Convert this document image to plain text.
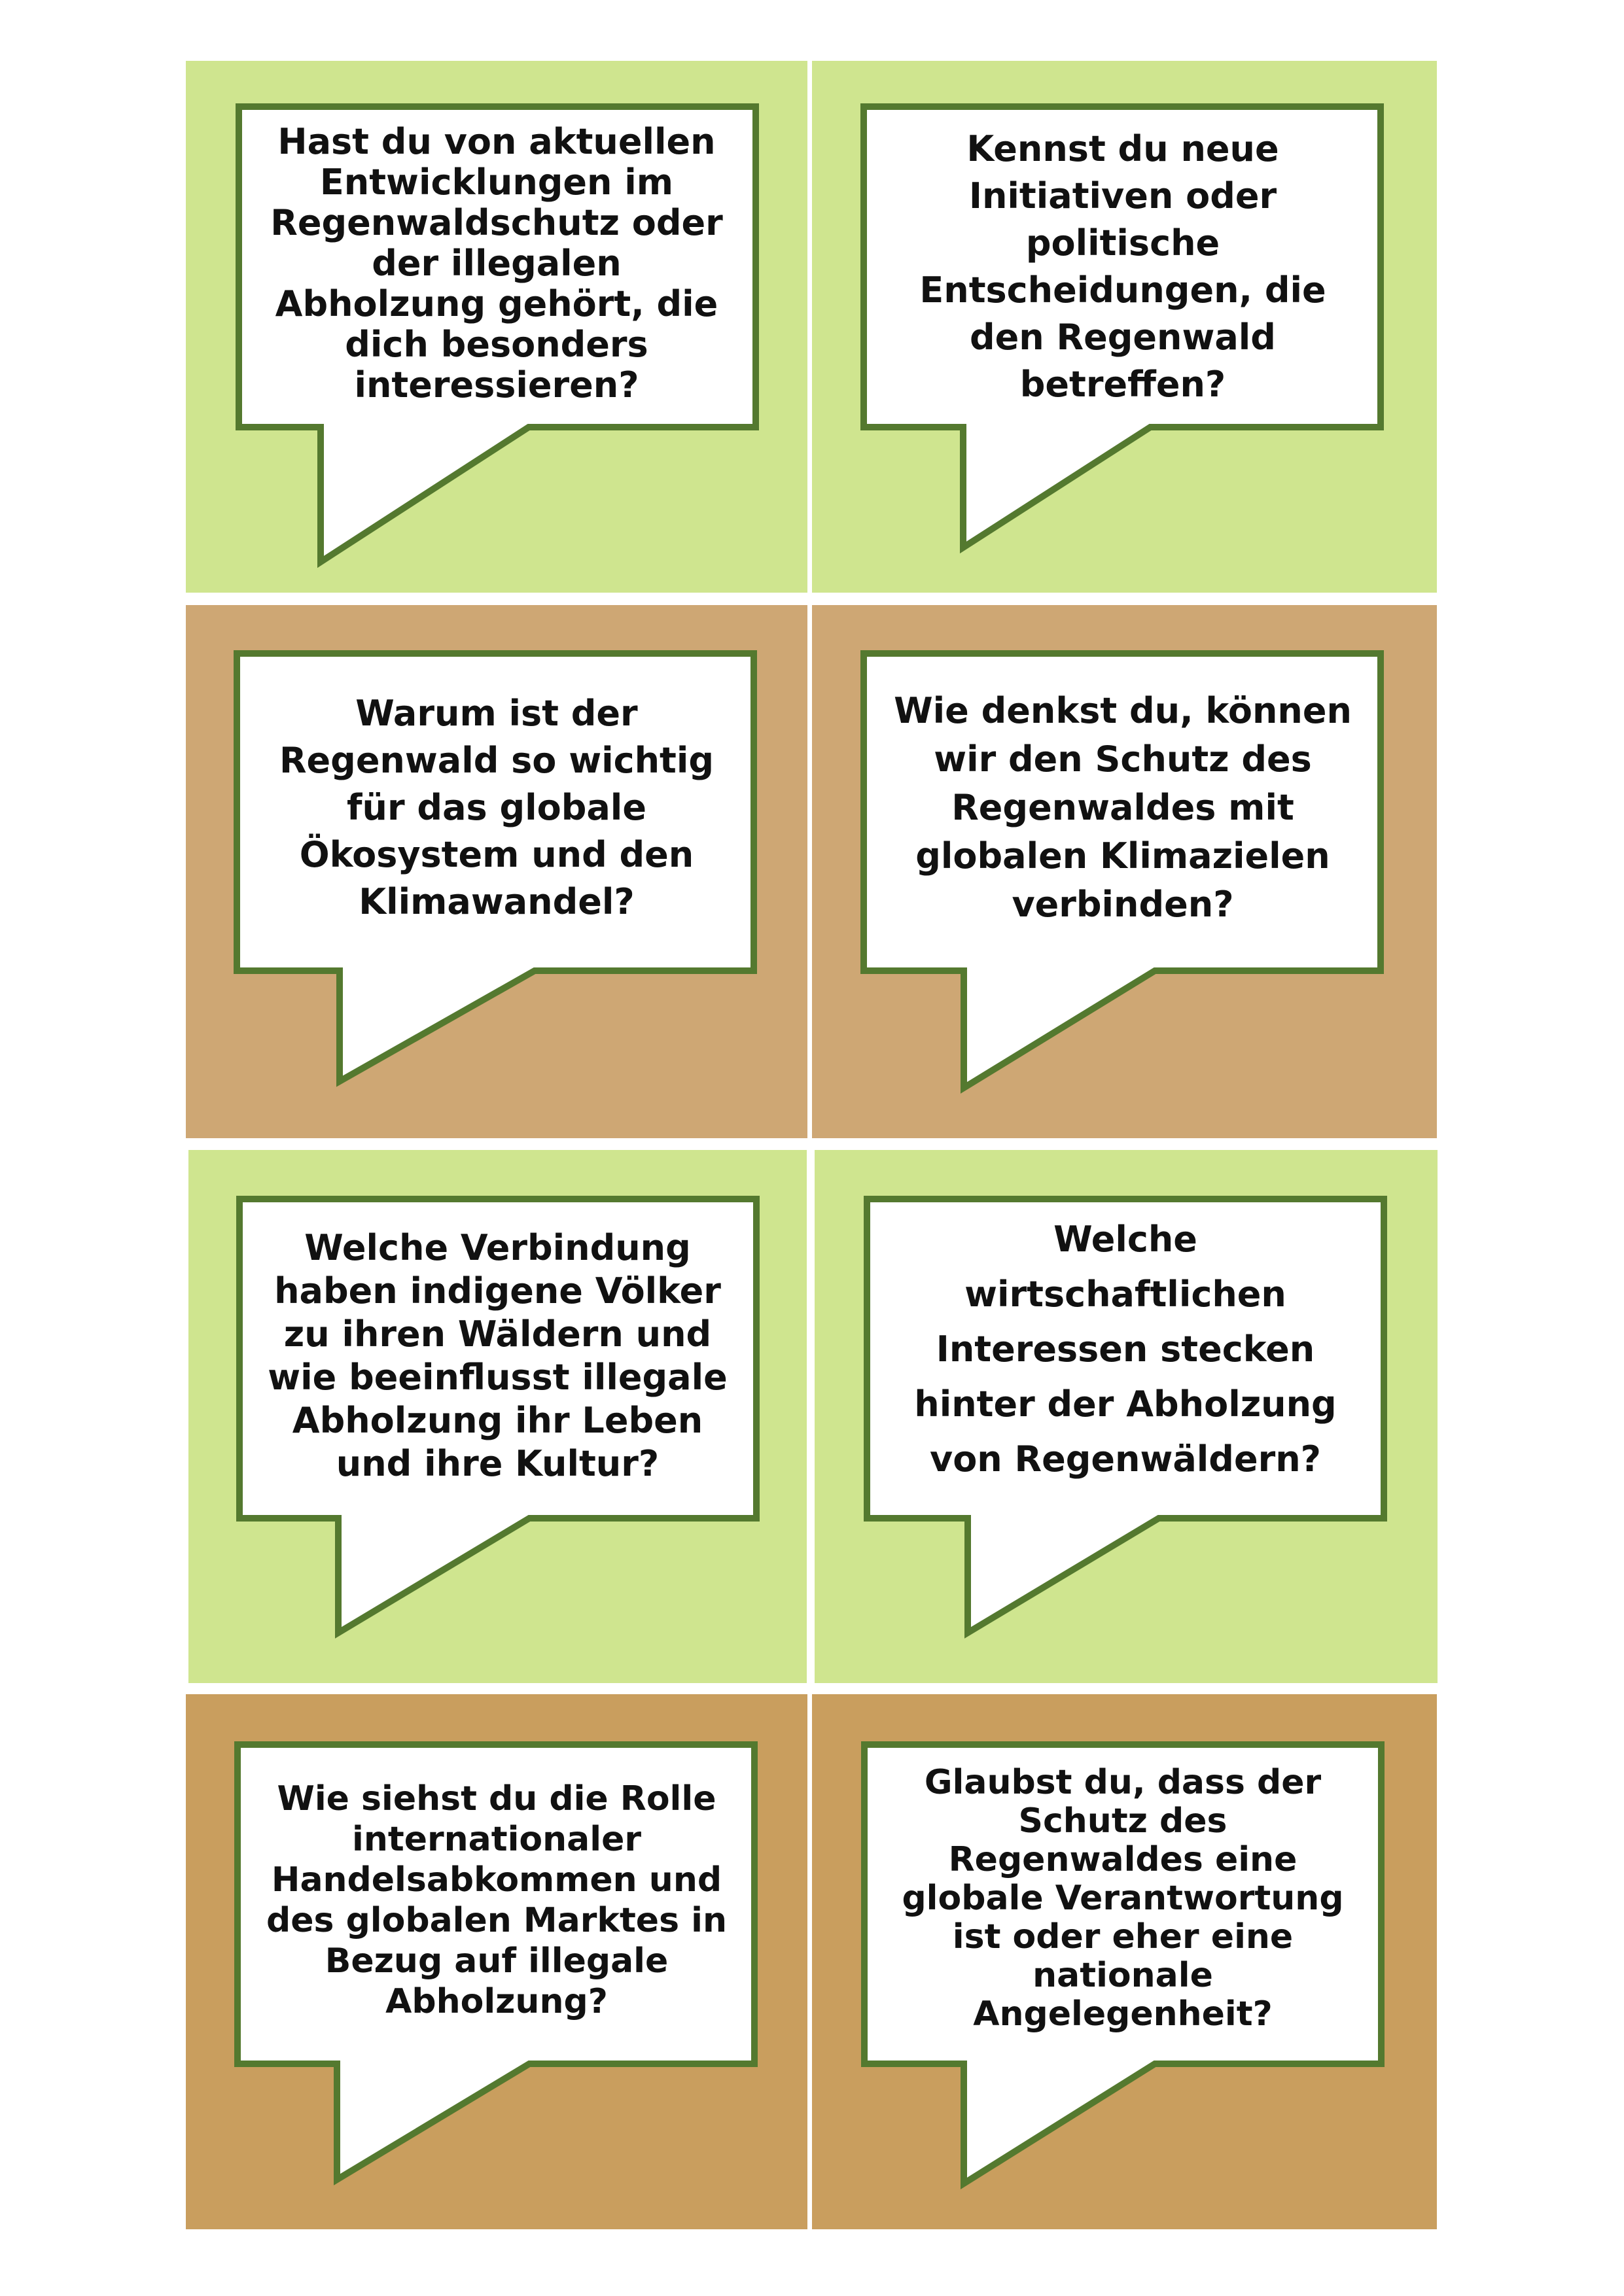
Hast du von aktuellen
Entwicklungen im
Regenwaldschutz oder
der illegalen
Abholzung gehört, die
dich besonders
interessieren?
Kennst du neue
Initiativen oder
politische
Entscheidungen, die
den Regenwald
betreffen?
Warum ist der
Regenwald so wichtig
für das globale
Ökosystem und den
Klimawandel?
Wie denkst du, können
wir den Schutz des
Regenwaldes mit
globalen Klimazielen
verbinden?
Welche Verbindung
haben indigene Völker
zu ihren Wäldern und
wie beeinflusst illegale
Abholzung ihr Leben
und ihre Kultur?
Welche
wirtschaftlichen
Interessen stecken
hinter der Abholzung
von Regenwäldern?
Wie siehst du die Rolle
internationaler
Handelsabkommen und
des globalen Marktes in
Bezug auf illegale
Abholzung?
Glaubst du, dass der
Schutz des
Regenwaldes eine
globale Verantwortung
ist oder eher eine
nationale
Angelegenheit?
